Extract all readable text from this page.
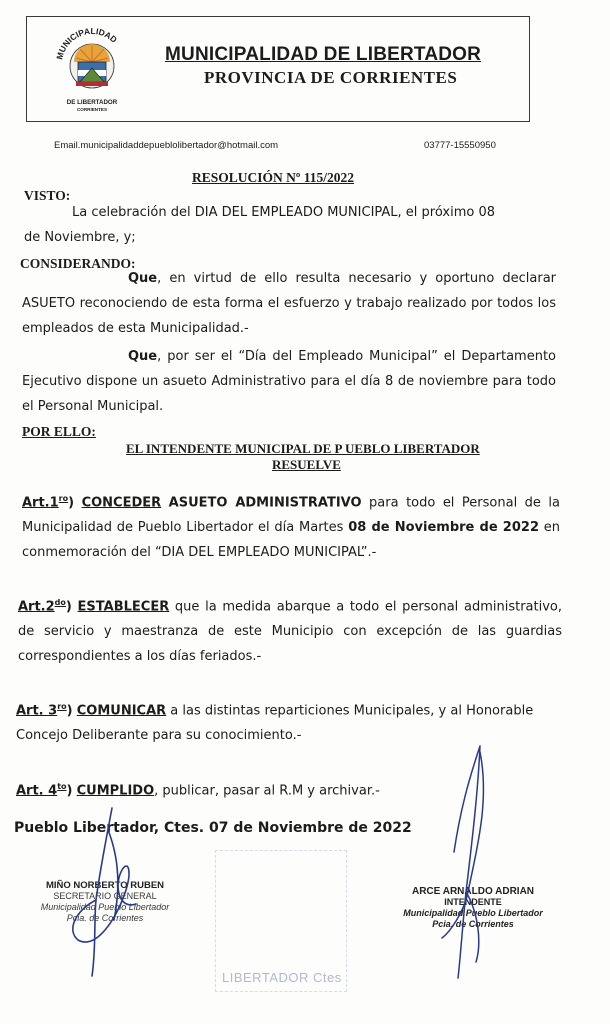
MUNICIPALIDAD
DE LIBERTADOR
CORRIENTES
MUNICIPALIDAD DE LIBERTADOR
PROVINCIA DE CORRIENTES
Email.municipalidaddepueblolibertador@hotmail.com	03777-15550950
RESOLUCIÓN Nº 115/2022
VISTO:
La celebración del DIA DEL EMPLEADO MUNICIPAL, el próximo 08 de Noviembre, y;
CONSIDERANDO:
Que, en virtud de ello resulta necesario y oportuno declarar ASUETO reconociendo de esta forma el esfuerzo y trabajo realizado por todos los empleados de esta Municipalidad.-
Que, por ser el “Día del Empleado Municipal” el Departamento Ejecutivo dispone un asueto Administrativo para el día 8 de noviembre para todo el Personal Municipal.
POR ELLO:
EL INTENDENTE MUNICIPAL DE P UEBLO LIBERTADOR
RESUELVE
$Art.1^{ro}$) CONCEDER ASUETO ADMINISTRATIVO para todo el Personal de la Municipalidad de Pueblo Libertador el día Martes 08 de Noviembre de 2022 en conmemoración del “DIA DEL EMPLEADO MUNICIPAL”.-
$Art.2^{do}$) ESTABLECER que la medida abarque a todo el personal administrativo, de servicio y maestranza de este Municipio con excepción de las guardias correspondientes a los días feriados.-
Art. $3^{ro}$) COMUNICAR a las distintas reparticiones Municipales, y al Honorable Concejo Deliberante para su conocimiento.-
Art. $4^{to}$) CUMPLIDO, publicar, pasar al R.M y archivar.-
Pueblo Libertador, Ctes. 07 de Noviembre de 2022
LIBERTADOR Ctes
MIÑO NORBERTO RUBEN
SECRETARIO GENERAL
Municipalidad Pueblo Libertador
Pcia. de Corrientes
ARCE ARNALDO ADRIAN
INTENDENTE
Municipalidad Pueblo Libertador
Pcia. de Corrientes
